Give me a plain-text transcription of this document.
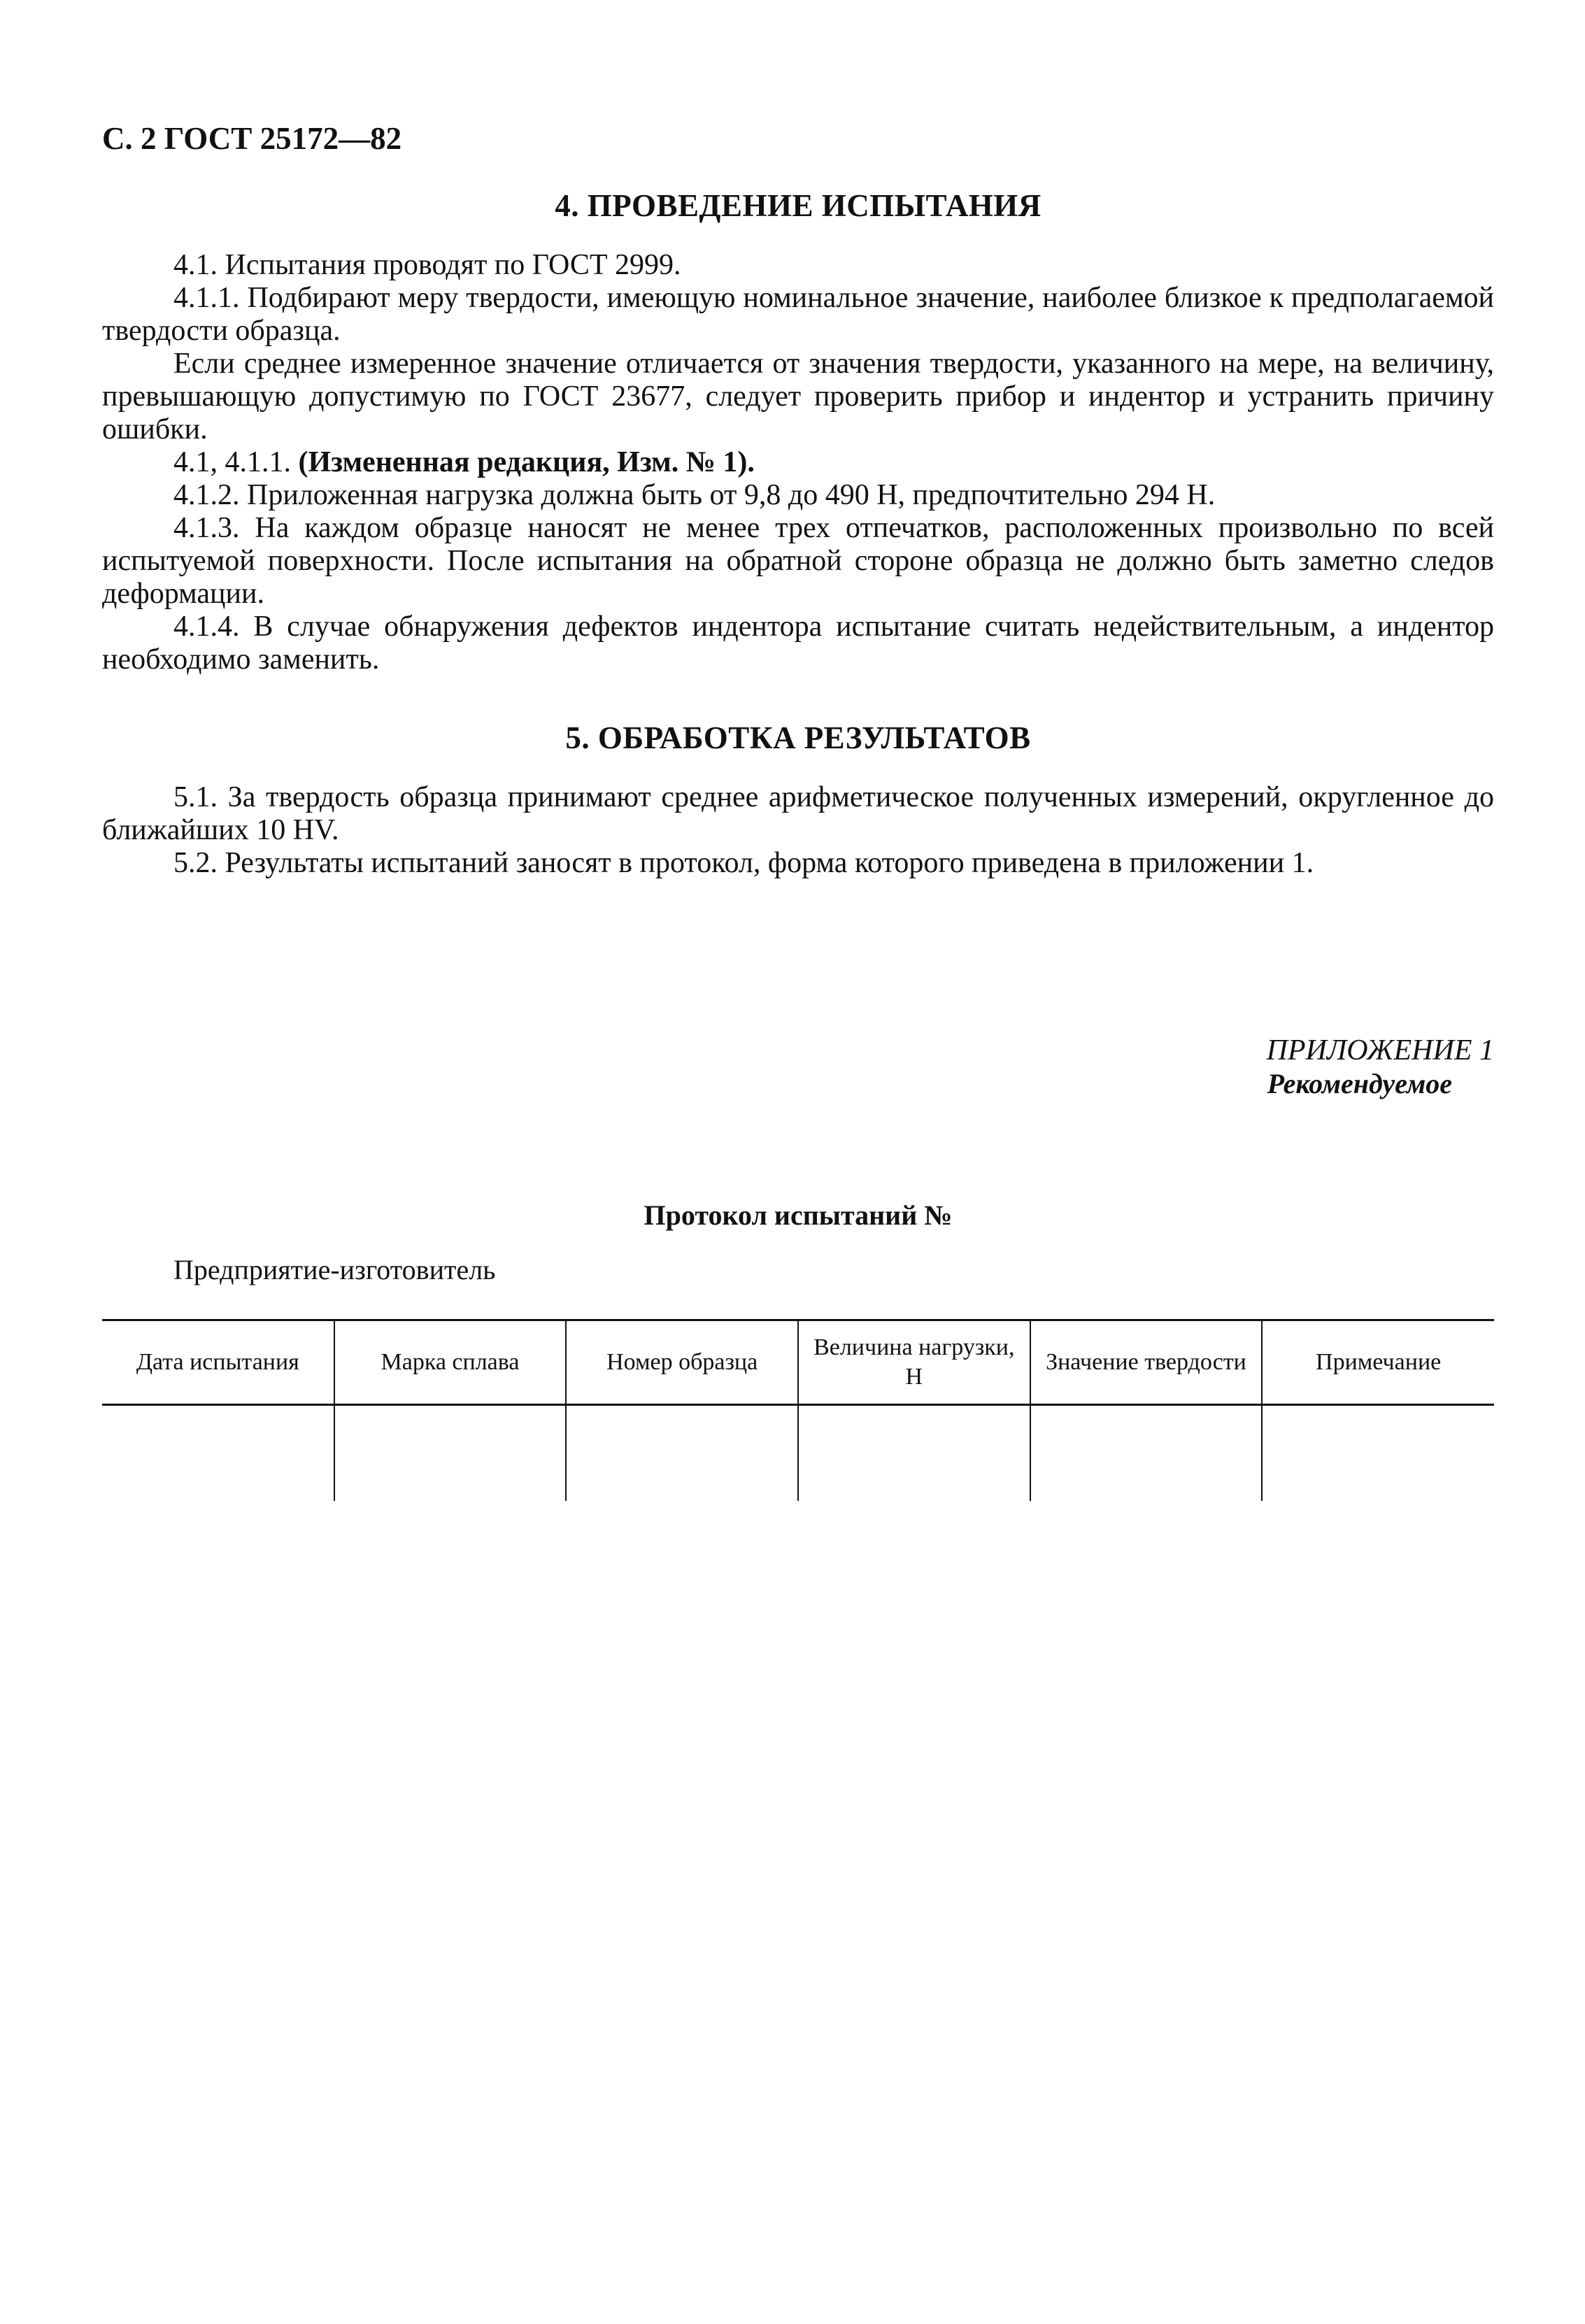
С. 2 ГОСТ 25172—82
4. ПРОВЕДЕНИЕ ИСПЫТАНИЯ

4.1. Испытания проводят по ГОСТ 2999.

4.1.1. Подбирают меру твердости, имеющую номинальное значение, наиболее близкое к предполагаемой твердости образца.

Если среднее измеренное значение отличается от значения твердости, указанного на мере, на величину, превышающую допустимую по ГОСТ 23677, следует проверить прибор и индентор и устранить причину ошибки.

4.1, 4.1.1. (Измененная редакция, Изм. № 1).

4.1.2. Приложенная нагрузка должна быть от 9,8 до 490 Н, предпочтительно 294 Н.

4.1.3. На каждом образце наносят не менее трех отпечатков, расположенных произвольно по всей испытуемой поверхности. После испытания на обратной стороне образца не должно быть заметно следов деформации.

4.1.4. В случае обнаружения дефектов индентора испытание считать недействительным, а индентор необходимо заменить.

5. ОБРАБОТКА РЕЗУЛЬТАТОВ

5.1. За твердость образца принимают среднее арифметическое полученных измерений, округленное до ближайших 10 HV.

5.2. Результаты испытаний заносят в протокол, форма которого приведена в приложении 1.

ПРИЛОЖЕНИЕ 1
Рекомендуемое
Протокол испытаний №
Предприятие-изготовитель
Дата испытания	Марка сплава	Номер образца	Величина нагрузки, Н	Значение твердости	Примечание
